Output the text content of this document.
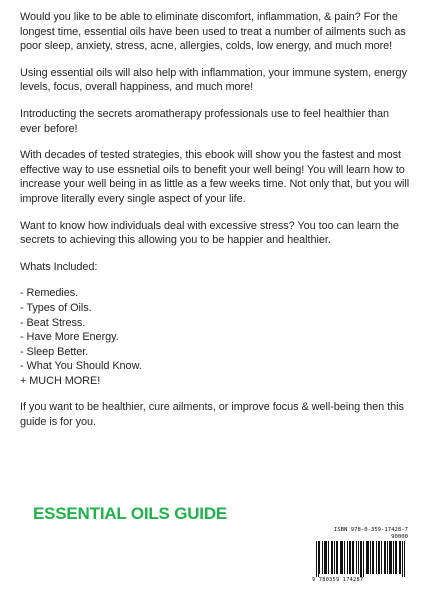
Would you like to be able to eliminate discomfort, inflammation, & pain? For the longest time, essential oils have been used to treat a number of ailments such as poor sleep, anxiety, stress, acne, allergies, colds, low energy, and much more!

Using essential oils will also help with inflammation, your immune system, energy levels, focus, overall happiness, and much more!

Introducting the secrets aromatherapy professionals use to feel healthier than ever before!

With decades of tested strategies, this ebook will show you the fastest and most effective way to use essnetial oils to benefit your well being! You will learn how to increase your well being in as little as a few weeks time. Not only that, but you will improve literally every single aspect of your life.

Want to know how individuals deal with excessive stress? You too can learn the secrets to achieving this allowing you to be happier and healthier.

Whats Included:

- Remedies.
- Types of Oils.
- Beat Stress.
- Have More Energy.
- Sleep Better.
- What You Should Know.
+ MUCH MORE!

If you want to be healthier, cure ailments, or improve focus & well-being then this guide is for you.

ESSENTIAL OILS GUIDE
ISBN 978-0-359-17428-7
90000
9 780359 174287
